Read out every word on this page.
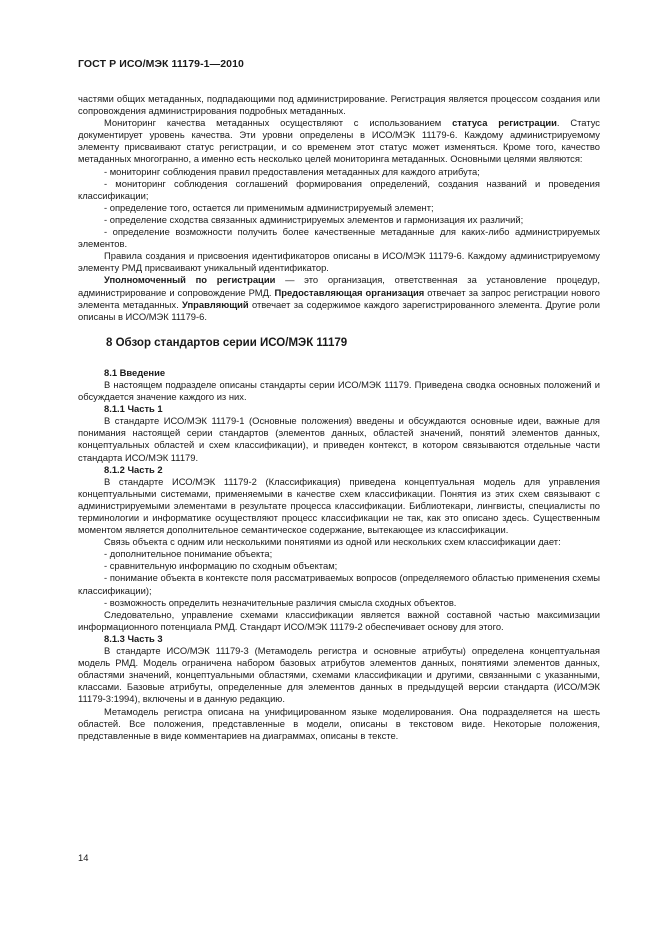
ГОСТ Р ИСО/МЭК 11179-1—2010

частями общих метаданных, подпадающими под администрирование. Регистрация является процессом создания или сопровождения администрирования подробных метаданных.

Мониторинг качества метаданных осуществляют с использованием статуса регистрации. Статус документирует уровень качества. Эти уровни определены в ИСО/МЭК 11179-6. Каждому администрируемому элементу присваивают статус регистрации, и со временем этот статус может изменяться. Кроме того, качество метаданных многогранно, а именно есть несколько целей мониторинга метаданных. Основными целями являются:

- мониторинг соблюдения правил предоставления метаданных для каждого атрибута;

- мониторинг соблюдения соглашений формирования определений, создания названий и проведения классификации;

- определение того, остается ли применимым администрируемый элемент;

- определение сходства связанных администрируемых элементов и гармонизация их различий;

- определение возможности получить более качественные метаданные для каких-либо администрируемых элементов.

Правила создания и присвоения идентификаторов описаны в ИСО/МЭК 11179-6. Каждому администрируемому элементу РМД присваивают уникальный идентификатор.

Уполномоченный по регистрации — это организация, ответственная за установление процедур, администрирование и сопровождение РМД. Предоставляющая организация отвечает за запрос регистрации нового элемента метаданных. Управляющий отвечает за содержимое каждого зарегистрированного элемента. Другие роли описаны в ИСО/МЭК 11179-6.

8 Обзор стандартов серии ИСО/МЭК 11179

8.1 Введение

В настоящем подразделе описаны стандарты серии ИСО/МЭК 11179. Приведена сводка основных положений и обсуждается значение каждого из них.

8.1.1 Часть 1

В стандарте ИСО/МЭК 11179-1 (Основные положения) введены и обсуждаются основные идеи, важные для понимания настоящей серии стандартов (элементов данных, областей значений, понятий элементов данных, концептуальных областей и схем классификации), и приведен контекст, в котором связываются отдельные части стандарта ИСО/МЭК 11179.

8.1.2 Часть 2

В стандарте ИСО/МЭК 11179-2 (Классификация) приведена концептуальная модель для управления концептуальными системами, применяемыми в качестве схем классификации. Понятия из этих схем связывают с администрируемыми элементами в результате процесса классификации. Библиотекари, лингвисты, специалисты по терминологии и информатике осуществляют процесс классификации не так, как это описано здесь. Существенным моментом является дополнительное семантическое содержание, вытекающее из классификации.

Связь объекта с одним или несколькими понятиями из одной или нескольких схем классификации дает:

- дополнительное понимание объекта;

- сравнительную информацию по сходным объектам;

- понимание объекта в контексте поля рассматриваемых вопросов (определяемого областью применения схемы классификации);

- возможность определить незначительные различия смысла сходных объектов.

Следовательно, управление схемами классификации является важной составной частью максимизации информационного потенциала РМД. Стандарт ИСО/МЭК 11179-2 обеспечивает основу для этого.

8.1.3 Часть 3

В стандарте ИСО/МЭК 11179-3 (Метамодель регистра и основные атрибуты) определена концептуальная модель РМД. Модель ограничена набором базовых атрибутов элементов данных, понятиями элементов данных, областями значений, концептуальными областями, схемами классификации и другими, связанными с указанными, классами. Базовые атрибуты, определенные для элементов данных в предыдущей версии стандарта (ИСО/МЭК 11179-3:1994), включены и в данную редакцию.

Метамодель регистра описана на унифицированном языке моделирования. Она подразделяется на шесть областей. Все положения, представленные в модели, описаны в текстовом виде. Некоторые положения, представленные в виде комментариев на диаграммах, описаны в тексте.

14
